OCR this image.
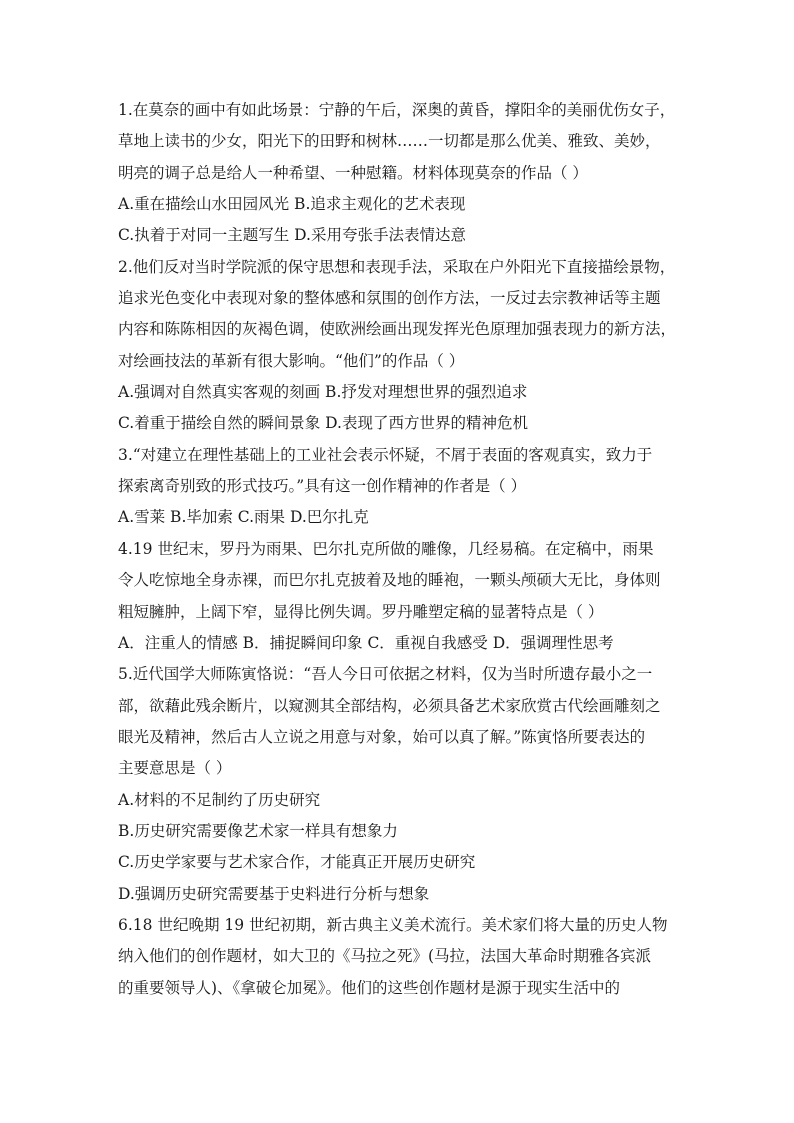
1.在莫奈的画中有如此场景：宁静的午后，深奥的黄昏，撑阳伞的美丽优伤女子，
草地上读书的少女，阳光下的田野和树林……一切都是那么优美、雅致、美妙，
明亮的调子总是给人一种希望、一种慰籍。材料体现莫奈的作品（ ）
A.重在描绘山水田园风光 B.追求主观化的艺术表现
C.执着于对同一主题写生 D.采用夸张手法表情达意
2.他们反对当时学院派的保守思想和表现手法，采取在户外阳光下直接描绘景物，
追求光色变化中表现对象的整体感和氛围的创作方法，一反过去宗教神话等主题
内容和陈陈相因的灰褐色调，使欧洲绘画出现发挥光色原理加强表现力的新方法，
对绘画技法的革新有很大影响。“他们”的作品（ ）
A.强调对自然真实客观的刻画 B.抒发对理想世界的强烈追求
C.着重于描绘自然的瞬间景象 D.表现了西方世界的精神危机
3.“对建立在理性基础上的工业社会表示怀疑，不屑于表面的客观真实，致力于
探索离奇别致的形式技巧。”具有这一创作精神的作者是（ ）
A.雪莱 B.毕加索 C.雨果 D.巴尔扎克
4.19 世纪末，罗丹为雨果、巴尔扎克所做的雕像，几经易稿。在定稿中，雨果
令人吃惊地全身赤裸，而巴尔扎克披着及地的睡袍，一颗头颅硕大无比，身体则
粗短臃肿，上阔下窄，显得比例失调。罗丹雕塑定稿的显著特点是（ ）
A．注重人的情感 B．捕捉瞬间印象 C．重视自我感受 D．强调理性思考
5.近代国学大师陈寅恪说：“吾人今日可依据之材料，仅为当时所遗存最小之一
部，欲藉此残余断片，以窥测其全部结构，必须具备艺术家欣赏古代绘画雕刻之
眼光及精神，然后古人立说之用意与对象，始可以真了解。”陈寅恪所要表达的
主要意思是（ ）
A.材料的不足制约了历史研究
B.历史研究需要像艺术家一样具有想象力
C.历史学家要与艺术家合作，才能真正开展历史研究
D.强调历史研究需要基于史料进行分析与想象
6.18 世纪晚期 19 世纪初期，新古典主义美术流行。美术家们将大量的历史人物
纳入他们的创作题材，如大卫的《马拉之死》(马拉，法国大革命时期雅各宾派
的重要领导人)、《拿破仑加冕》。他们的这些创作题材是源于现实生活中的
